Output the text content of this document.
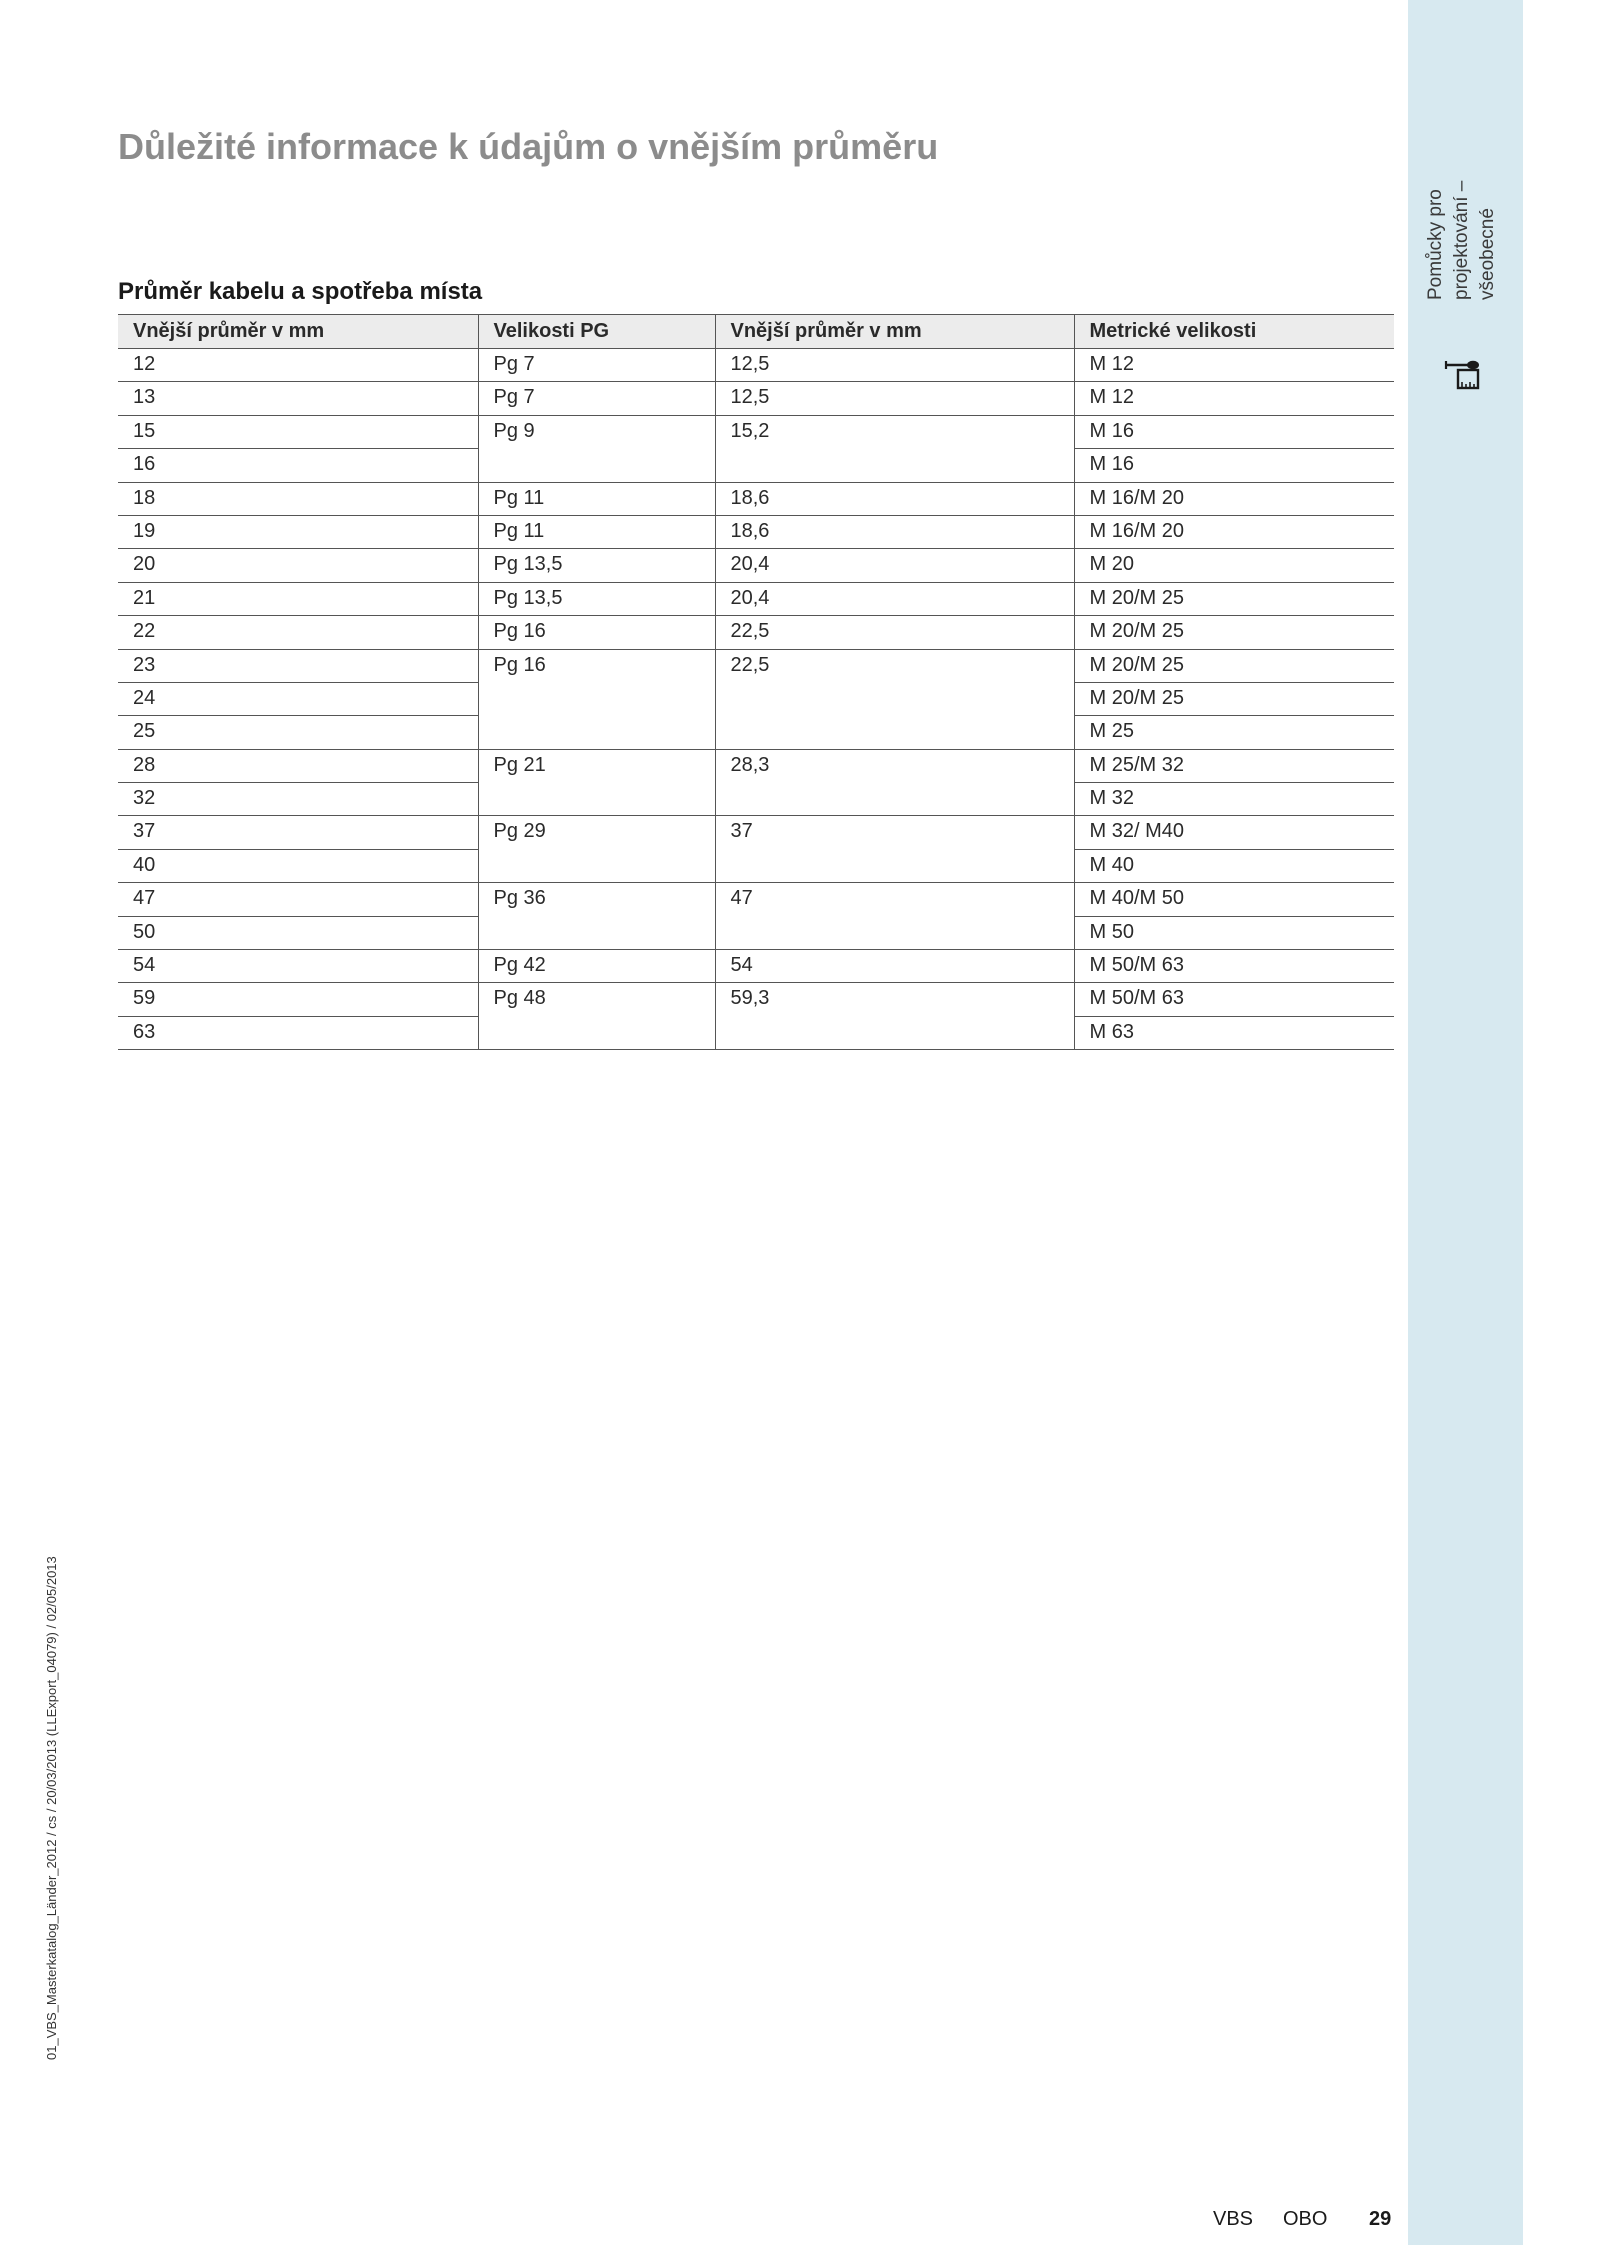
Pomůcky pro projektování – všeobecné
Důležité informace k údajům o vnějším průměru
Průměr kabelu a spotřeba místa
Vnější průměr v mm	Velikosti PG	Vnější průměr v mm	Metrické velikosti
12	Pg 7	12,5	M 12
13	Pg 7	12,5	M 12
15	Pg 9	15,2	M 16
16			M 16
18	Pg 11	18,6	M 16/M 20
19	Pg 11	18,6	M 16/M 20
20	Pg 13,5	20,4	M 20
21	Pg 13,5	20,4	M 20/M 25
22	Pg 16	22,5	M 20/M 25
23	Pg 16	22,5	M 20/M 25
24			M 20/M 25
25			M 25
28	Pg 21	28,3	M 25/M 32
32			M 32
37	Pg 29	37	M 32/ M40
40			M 40
47	Pg 36	47	M 40/M 50
50			M 50
54	Pg 42	54	M 50/M 63
59	Pg 48	59,3	M 50/M 63
63			M 63
01_VBS_Masterkatalog_Länder_2012 / cs / 20/03/2013 (LLExport_04079) / 02/05/2013
VBS OBO 29
